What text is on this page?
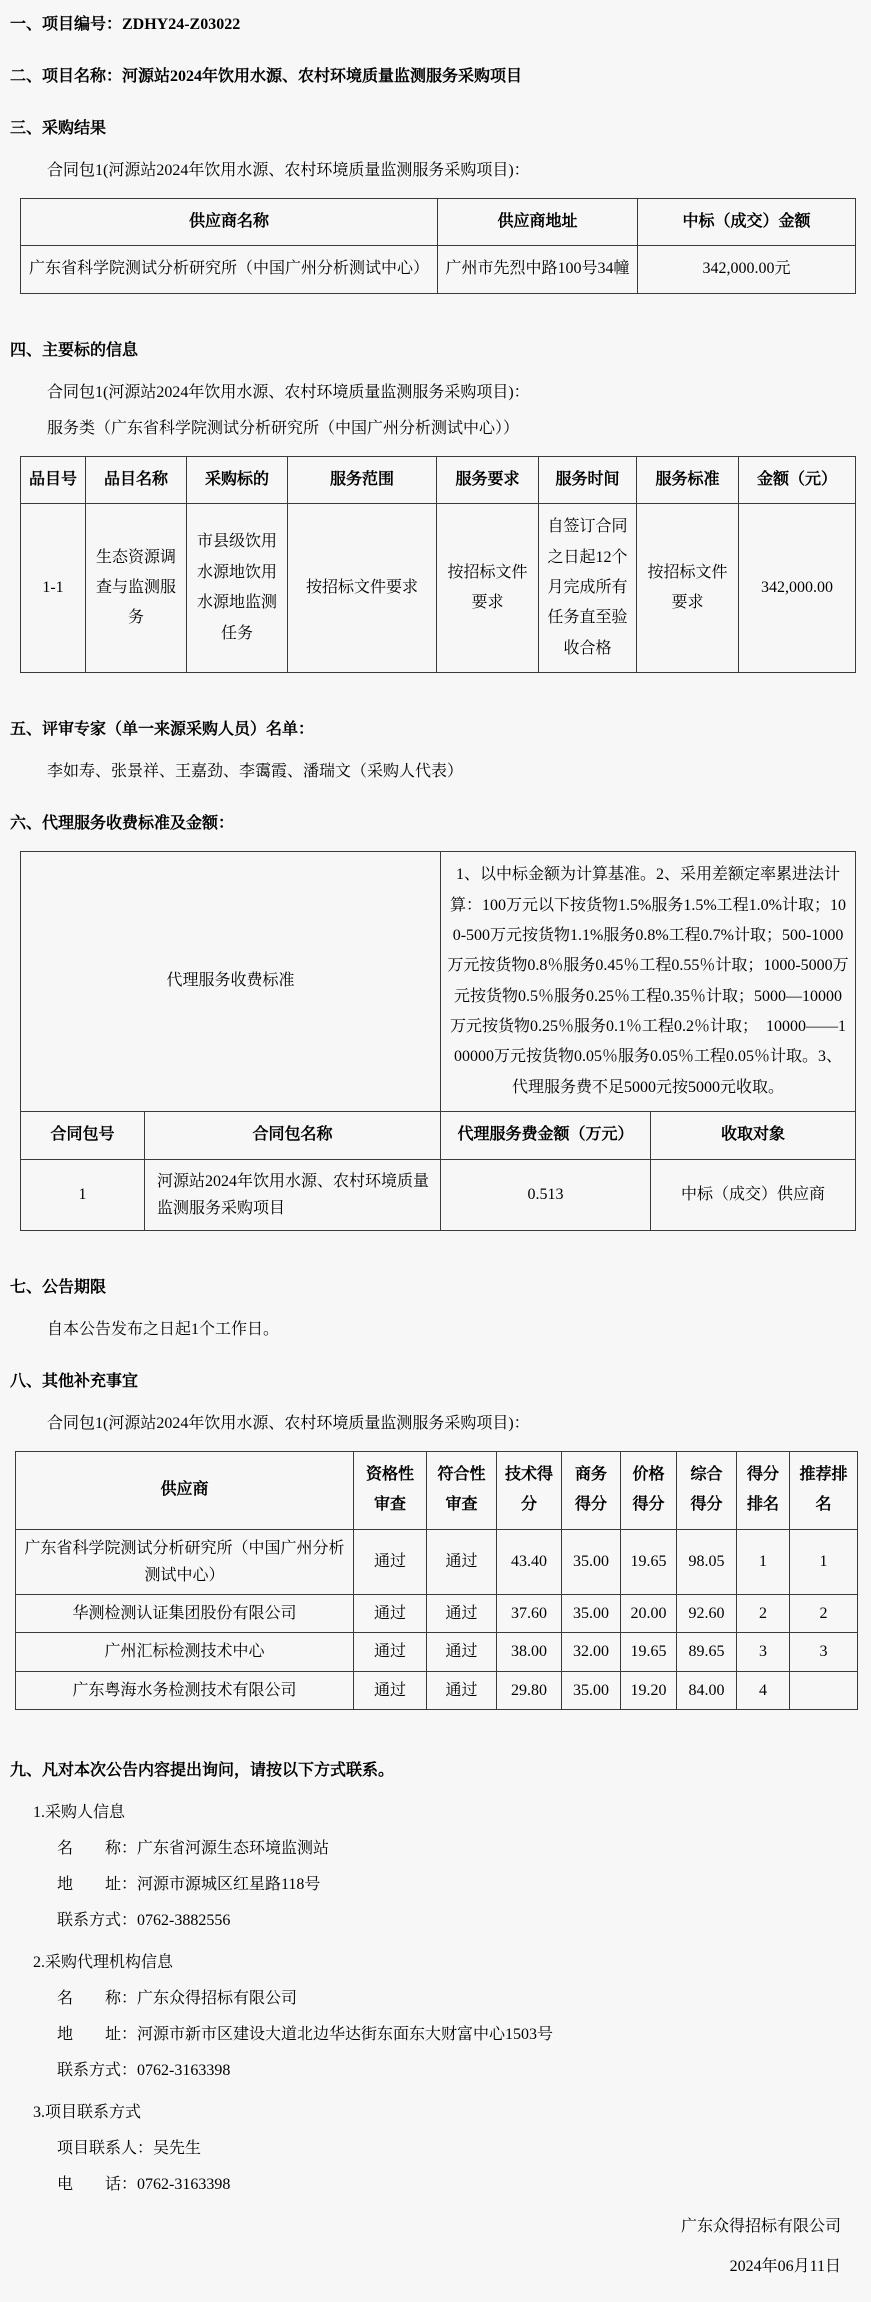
一、项目编号：ZDHY24-Z03022
二、项目名称：河源站2024年饮用水源、农村环境质量监测服务采购项目
三、采购结果
合同包1(河源站2024年饮用水源、农村环境质量监测服务采购项目)：
供应商名称	供应商地址	中标（成交）金额
广东省科学院测试分析研究所（中国广州分析测试中心）	广州市先烈中路100号34幢	342,000.00元
四、主要标的信息
合同包1(河源站2024年饮用水源、农村环境质量监测服务采购项目)：
服务类（广东省科学院测试分析研究所（中国广州分析测试中心））
品目号	品目名称	采购标的	服务范围	服务要求	服务时间	服务标准	金额（元）
1-1	生态资源调查与监测服务	市县级饮用水源地饮用水源地监测任务	按招标文件要求	按招标文件要求	自签订合同之日起12个月完成所有任务直至验收合格	按招标文件要求	342,000.00
五、评审专家（单一来源采购人员）名单：
李如寿、张景祥、王嘉劲、李霭霞、潘瑞文（采购人代表）
六、代理服务收费标准及金额：
代理服务收费标准		1、以中标金额为计算基准。2、采用差额定率累进法计算：100万元以下按货物1.5%服务1.5%工程1.0%计取；100-500万元按货物1.1%服务0.8%工程0.7%计取；500-1000万元按货物0.8％服务0.45％工程0.55％计取；1000-5000万元按货物0.5％服务0.25％工程0.35％计取；5000—10000万元按货物0.25％服务0.1％工程0.2％计取；　10000——100000万元按货物0.05％服务0.05％工程0.05％计取。3、代理服务费不足5000元按5000元收取。	
合同包号	合同包名称	代理服务费金额（万元）	收取对象
1	河源站2024年饮用水源、农村环境质量监测服务采购项目	0.513	中标（成交）供应商
七、公告期限
自本公告发布之日起1个工作日。
八、其他补充事宜
合同包1(河源站2024年饮用水源、农村环境质量监测服务采购项目)：
供应商	资格性审查	符合性审查	技术得分	商务得分	价格得分	综合得分	得分排名	推荐排名
广东省科学院测试分析研究所（中国广州分析测试中心）	通过	通过	43.40	35.00	19.65	98.05	1	1
华测检测认证集团股份有限公司	通过	通过	37.60	35.00	20.00	92.60	2	2
广州汇标检测技术中心	通过	通过	38.00	32.00	19.65	89.65	3	3
广东粤海水务检测技术有限公司	通过	通过	29.80	35.00	19.20	84.00	4	
九、凡对本次公告内容提出询问，请按以下方式联系。
1.采购人信息
名　　称：广东省河源生态环境监测站
地　　址：河源市源城区红星路118号
联系方式：0762-3882556
2.采购代理机构信息
名　　称：广东众得招标有限公司
地　　址：河源市新市区建设大道北边华达街东面东大财富中心1503号
联系方式：0762-3163398
3.项目联系方式
项目联系人：吴先生
电　　话：0762-3163398
广东众得招标有限公司
2024年06月11日
